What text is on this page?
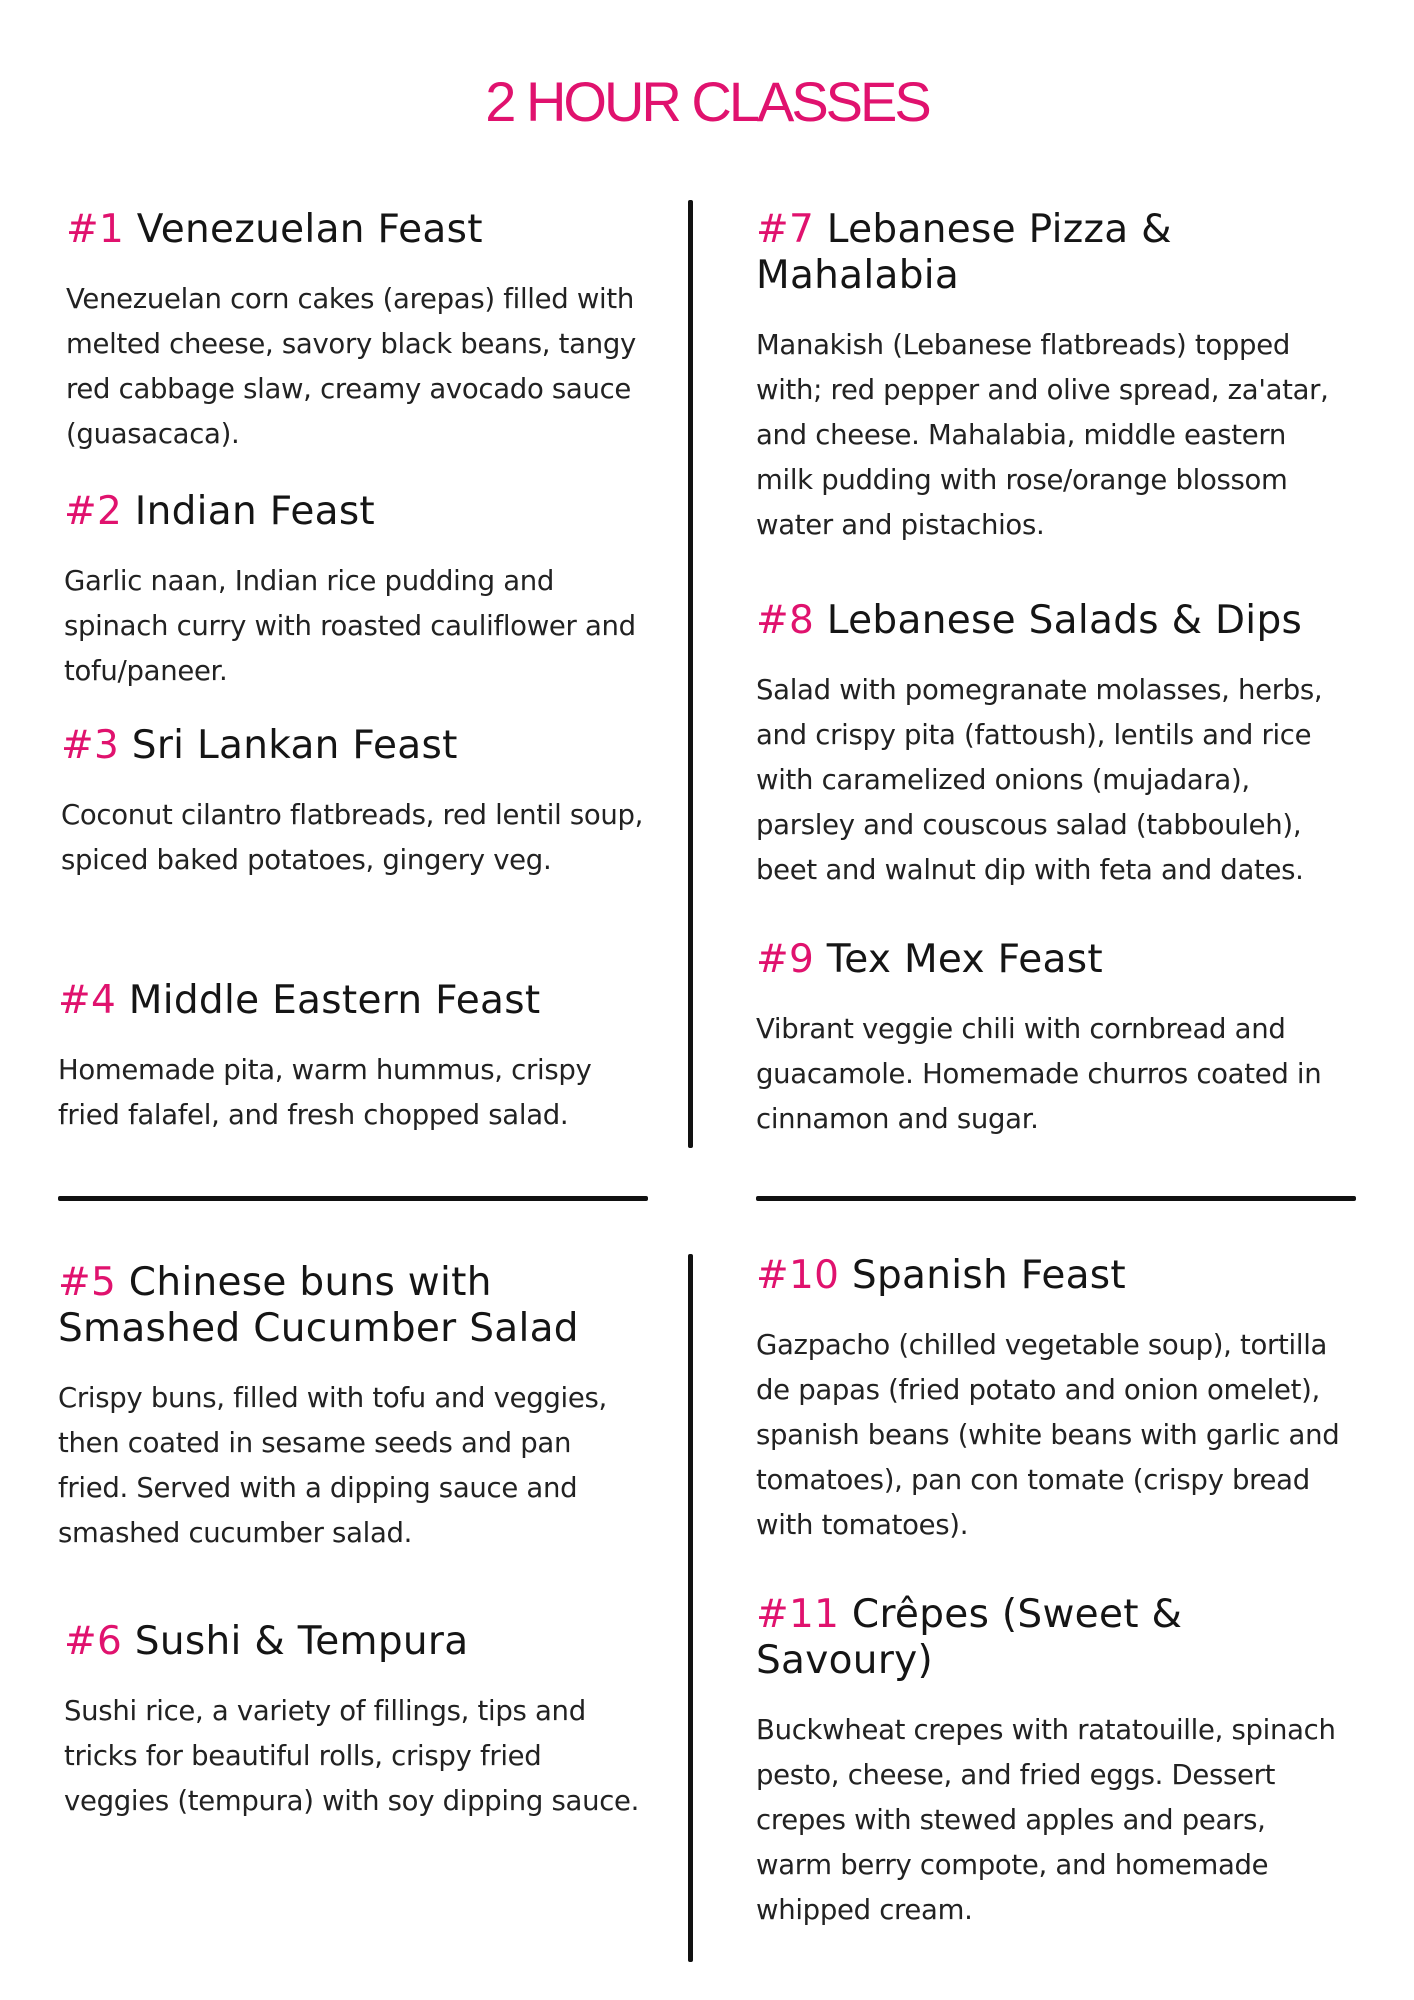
2 HOUR CLASSES
#1 Venezuelan Feast

Venezuelan corn cakes (arepas) filled with melted cheese, savory black beans, tangy red cabbage slaw, creamy avocado sauce (guasacaca).

#2 Indian Feast

Garlic naan, Indian rice pudding and spinach curry with roasted cauliflower and tofu/paneer.

#3 Sri Lankan Feast

Coconut cilantro flatbreads, red lentil soup, spiced baked potatoes, gingery veg.

#4 Middle Eastern Feast

Homemade pita, warm hummus, crispy fried falafel, and fresh chopped salad.

#5 Chinese buns with Smashed Cucumber Salad

Crispy buns, filled with tofu and veggies, then coated in sesame seeds and pan fried. Served with a dipping sauce and smashed cucumber salad.

#6 Sushi & Tempura

Sushi rice, a variety of fillings, tips and tricks for beautiful rolls, crispy fried veggies (tempura) with soy dipping sauce.

#7 Lebanese Pizza & Mahalabia

Manakish (Lebanese flatbreads) topped with; red pepper and olive spread, za'atar, and cheese. Mahalabia, middle eastern milk pudding with rose/orange blossom water and pistachios.

#8 Lebanese Salads & Dips

Salad with pomegranate molasses, herbs, and crispy pita (fattoush), lentils and rice with caramelized onions (mujadara), parsley and couscous salad (tabbouleh), beet and walnut dip with feta and dates.

#9 Tex Mex Feast

Vibrant veggie chili with cornbread and guacamole. Homemade churros coated in cinnamon and sugar.

#10 Spanish Feast

Gazpacho (chilled vegetable soup), tortilla de papas (fried potato and onion omelet), spanish beans (white beans with garlic and tomatoes), pan con tomate (crispy bread with tomatoes).

#11 Crêpes (Sweet & Savoury)

Buckwheat crepes with ratatouille, spinach pesto, cheese, and fried eggs. Dessert crepes with stewed apples and pears, warm berry compote, and homemade whipped cream.
